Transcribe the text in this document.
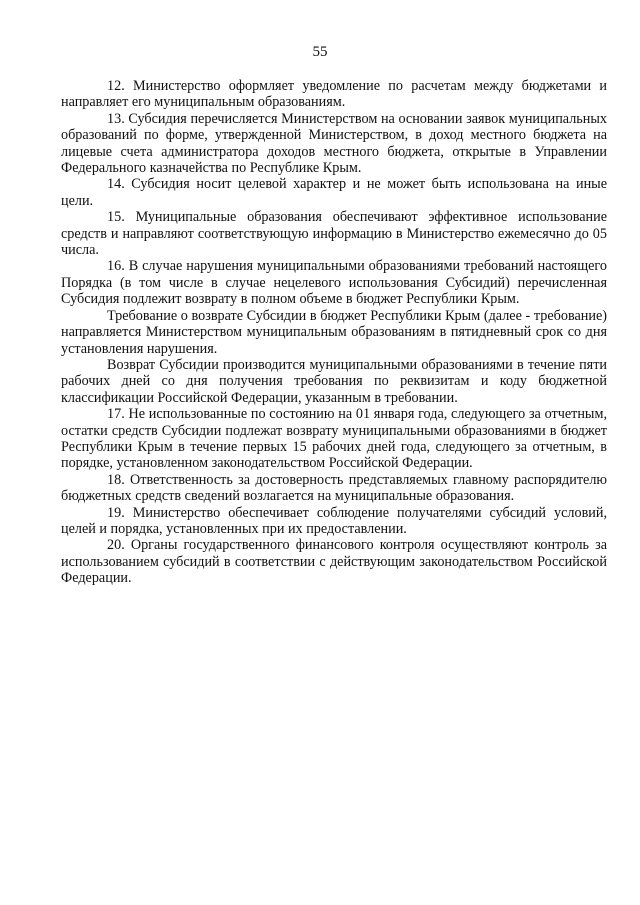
55

12. Министерство оформляет уведомление по расчетам между бюджетами и направляет его муниципальным образованиям.

13. Субсидия перечисляется Министерством на основании заявок муниципальных образований по форме, утвержденной Министерством, в доход местного бюджета на лицевые счета администратора доходов местного бюджета, открытые в Управлении Федерального казначейства по Республике Крым.

14. Субсидия носит целевой характер и не может быть использована на иные цели.

15. Муниципальные образования обеспечивают эффективное использование средств и направляют соответствующую информацию в Министерство ежемесячно до 05 числа.

16. В случае нарушения муниципальными образованиями требований настоящего Порядка (в том числе в случае нецелевого использования Субсидий) перечисленная Субсидия подлежит возврату в полном объеме в бюджет Республики Крым.

Требование о возврате Субсидии в бюджет Республики Крым (далее - требование) направляется Министерством муниципальным образованиям в пятидневный срок со дня установления нарушения.

Возврат Субсидии производится муниципальными образованиями в течение пяти рабочих дней со дня получения требования по реквизитам и коду бюджетной классификации Российской Федерации, указанным в требовании.

17. Не использованные по состоянию на 01 января года, следующего за отчетным, остатки средств Субсидии подлежат возврату муниципальными образованиями в бюджет Республики Крым в течение первых 15 рабочих дней года, следующего за отчетным, в порядке, установленном законодательством Российской Федерации.

18. Ответственность за достоверность представляемых главному распорядителю бюджетных средств сведений возлагается на муниципальные образования.

19. Министерство обеспечивает соблюдение получателями субсидий условий, целей и порядка, установленных при их предоставлении.

20. Органы государственного финансового контроля осуществляют контроль за использованием субсидий в соответствии с действующим законодательством Российской Федерации.
